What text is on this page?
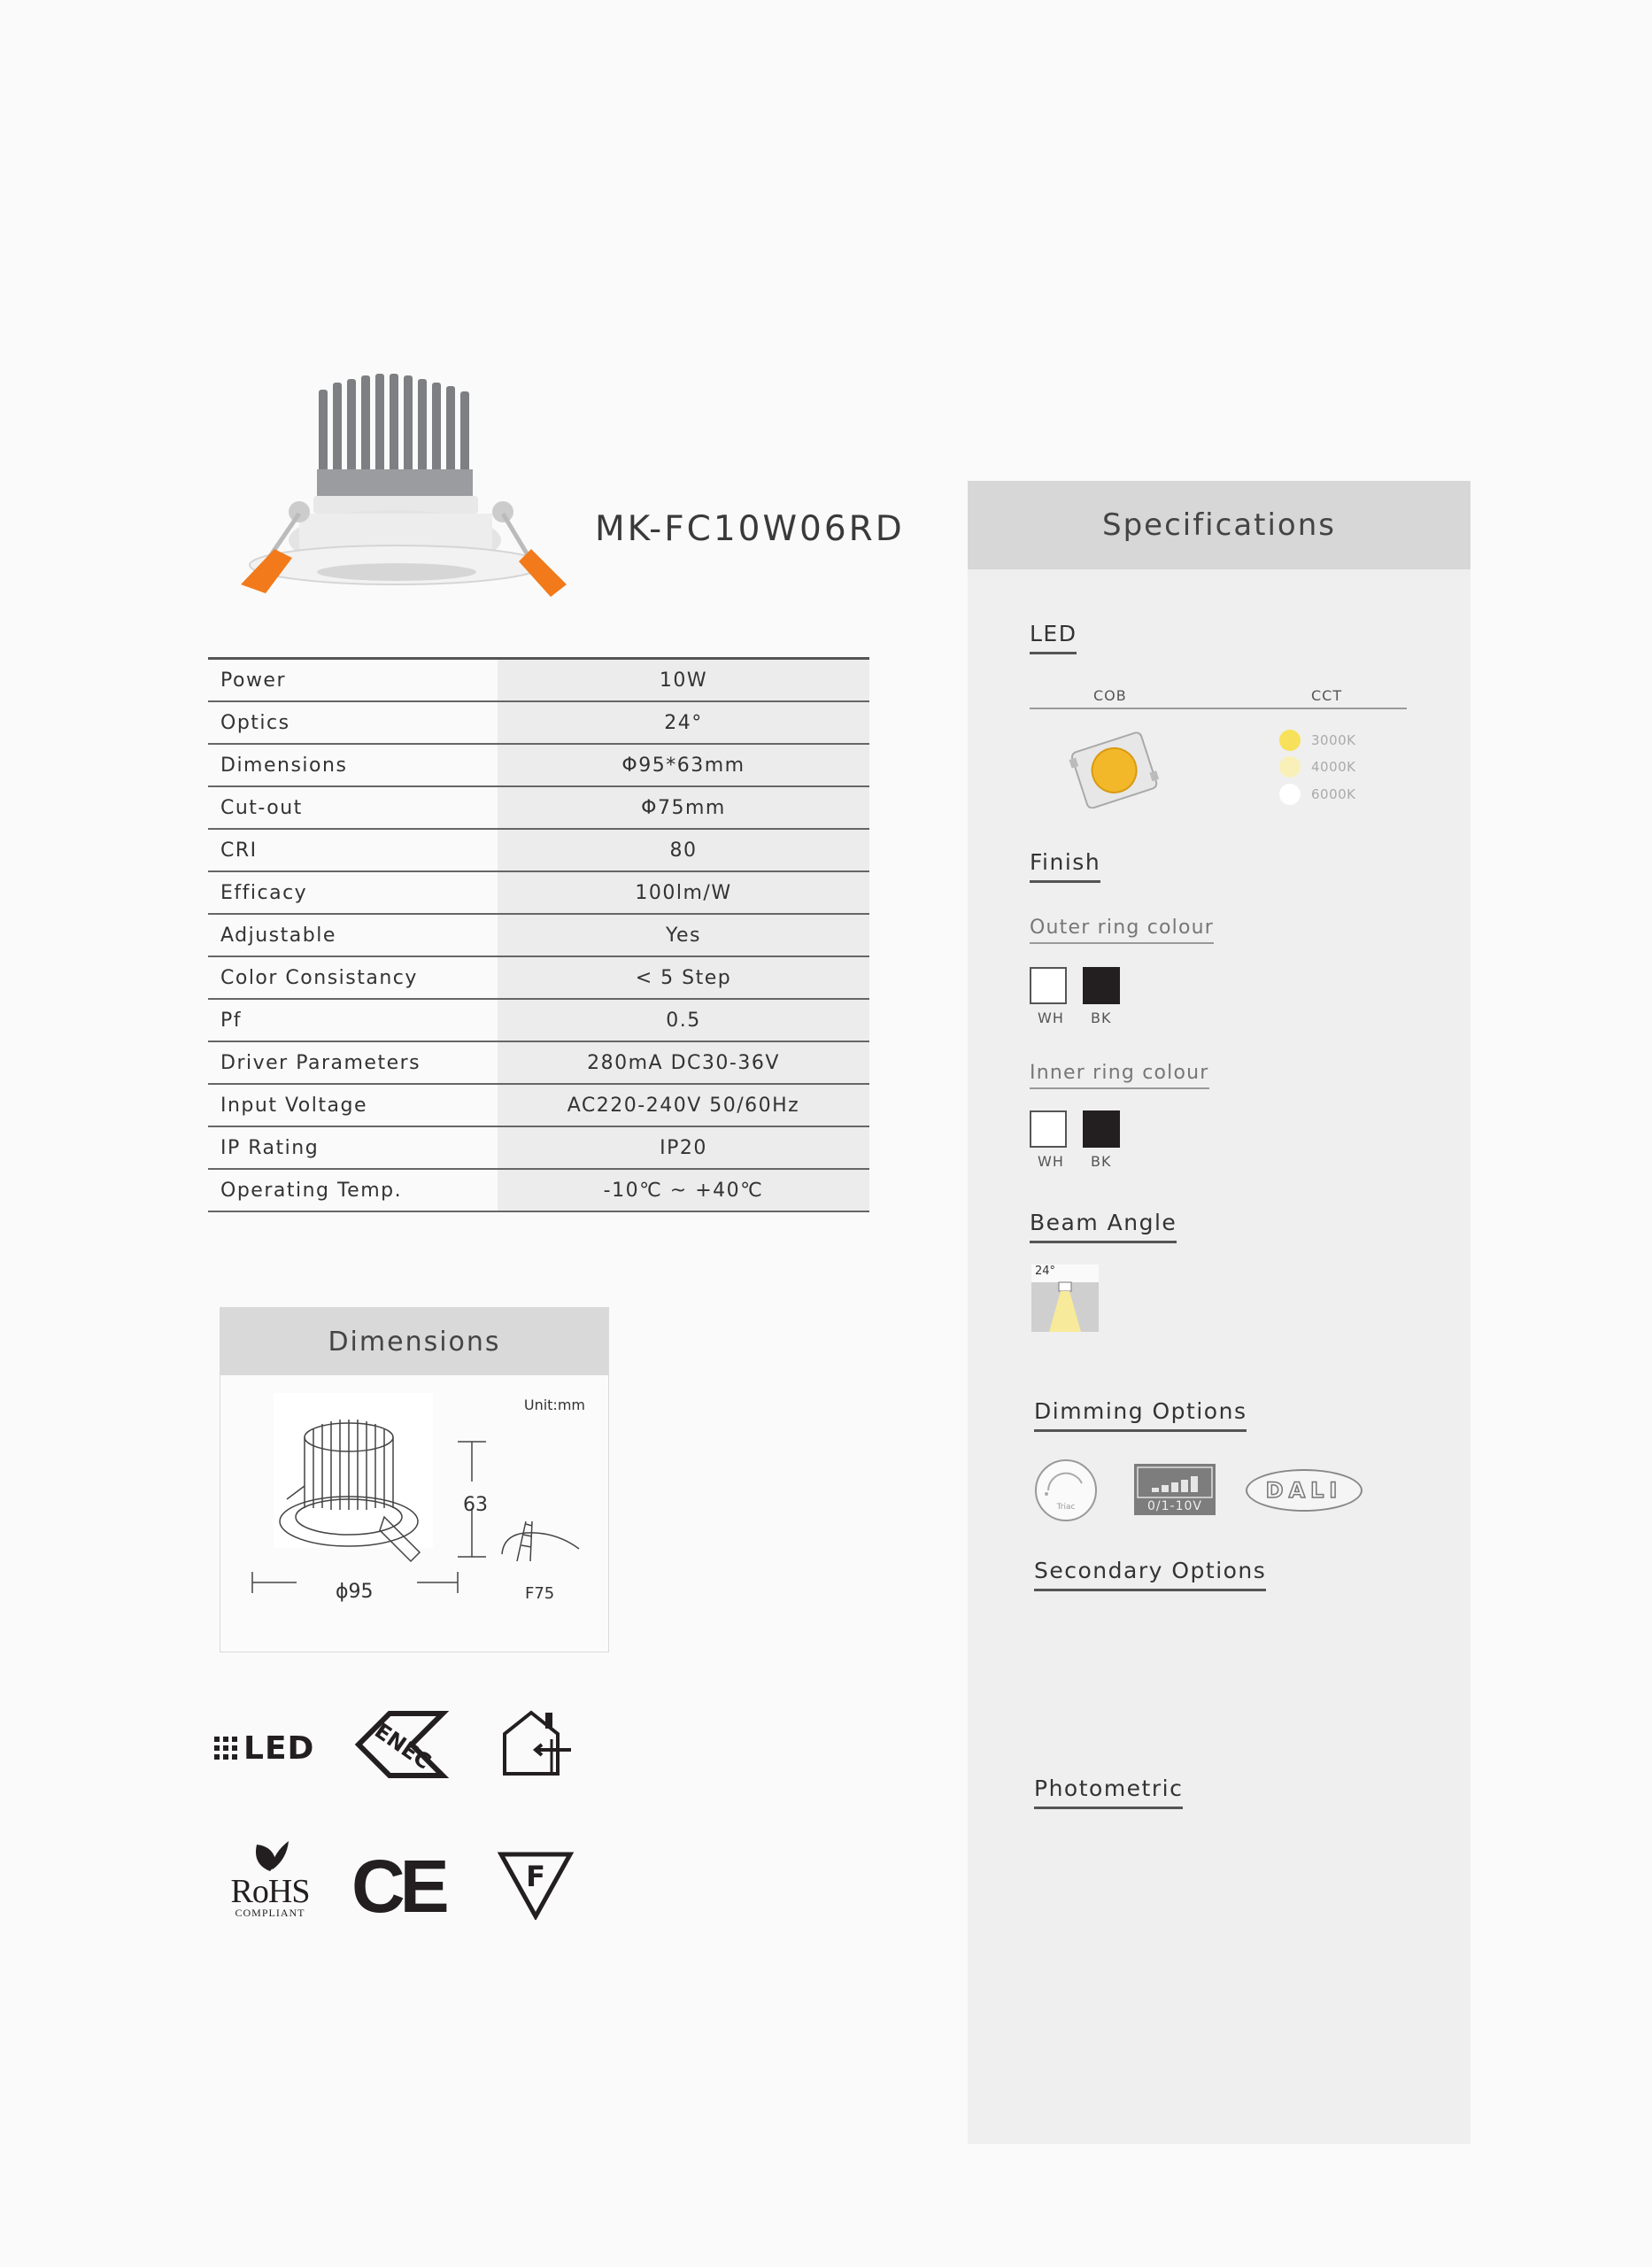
MK-FC10W06RD
Power	10W
Optics	24°
Dimensions	Φ95*63mm
Cut-out	Φ75mm
CRI	80
Efficacy	100lm/W
Adjustable	Yes
Color Consistancy	< 5 Step
Pf	0.5
Driver Parameters	280mA DC30-36V
Input Voltage	AC220-240V 50/60Hz
IP Rating	IP20
Operating Temp.	-10℃ ~ +40℃
Dimensions
Unit:mm
63
ϕ95	F75
LED	ENEC
RoHS
COMPLIANT CE	F
Specifications
LED
COB	CCT
3000K
4000K
6000K
Finish
Outer ring colour
WH BK
Inner ring colour
WH BK
Beam Angle
24°
Dimming Options
Triac	0/1-10V
DALI
Secondary Options
Photometric
